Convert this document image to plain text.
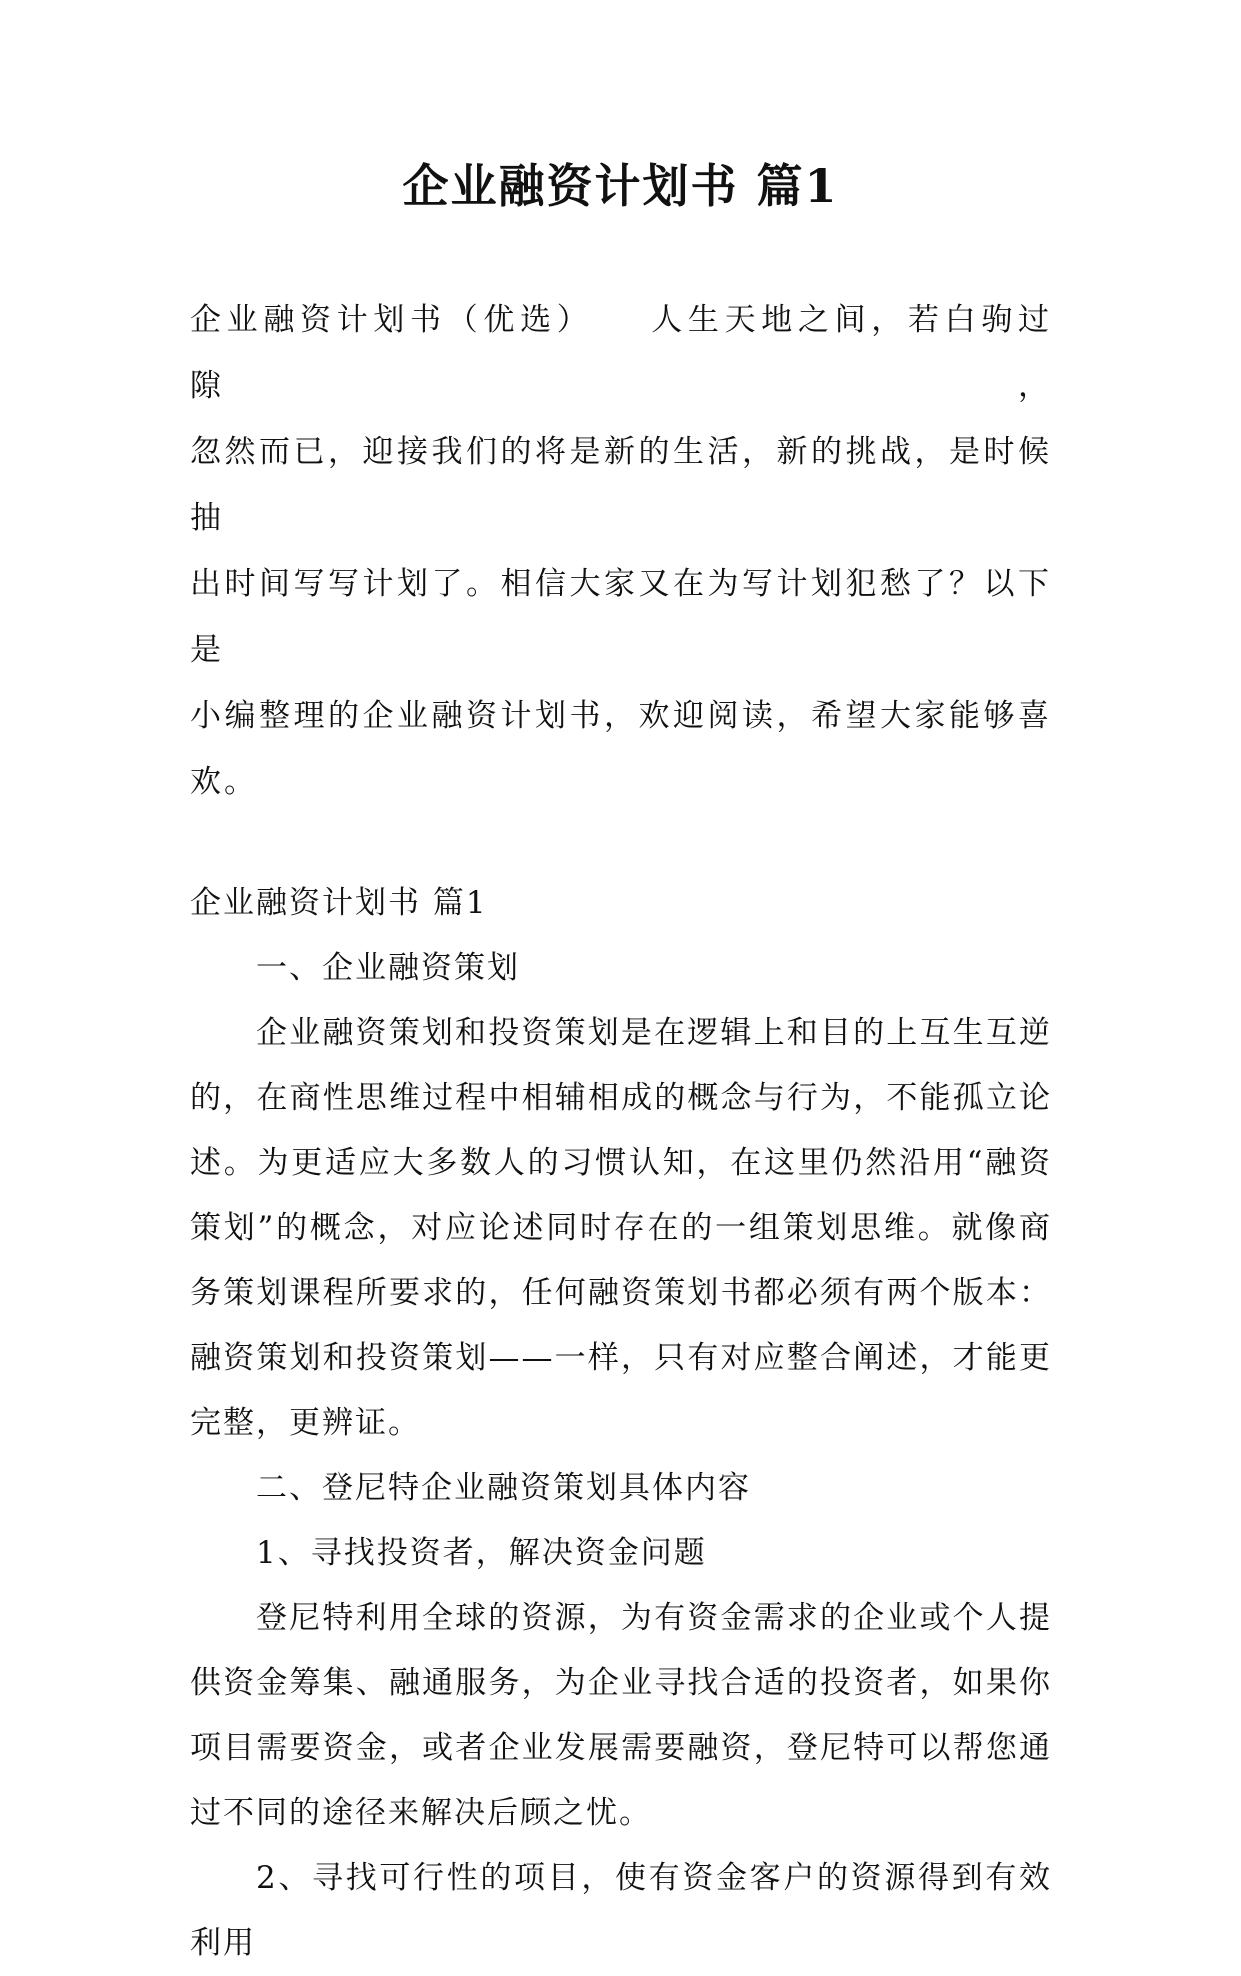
企业融资计划书 篇1

企业融资计划书（优选）　　人生天地之间，若白驹过隙，

忽然而已，迎接我们的将是新的生活，新的挑战，是时候抽

出时间写写计划了。相信大家又在为写计划犯愁了？以下是

小编整理的企业融资计划书，欢迎阅读，希望大家能够喜欢。

企业融资计划书 篇1

一、企业融资策划

企业融资策划和投资策划是在逻辑上和目的上互生互逆的，在商性思维过程中相辅相成的概念与行为，不能孤立论述。为更适应大多数人的习惯认知，在这里仍然沿用“融资策划”的概念，对应论述同时存在的一组策划思维。就像商务策划课程所要求的，任何融资策划书都必须有两个版本：融资策划和投资策划——一样，只有对应整合阐述，才能更完整，更辨证。

二、登尼特企业融资策划具体内容

1、寻找投资者，解决资金问题

登尼特利用全球的资源，为有资金需求的企业或个人提供资金筹集、融通服务，为企业寻找合适的投资者，如果你项目需要资金，或者企业发展需要融资，登尼特可以帮您通过不同的途径来解决后顾之忧。

2、寻找可行性的项目，使有资金客户的资源得到有效利用
